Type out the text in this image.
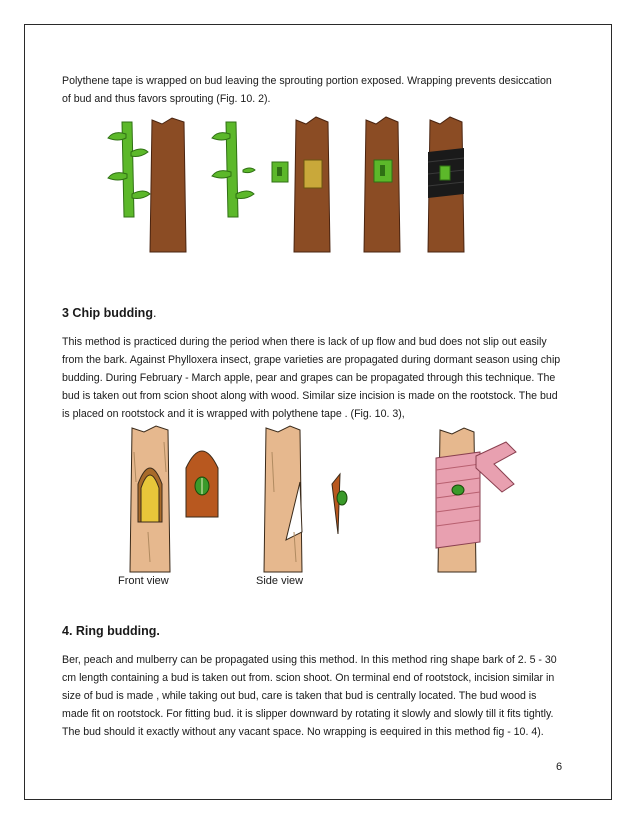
Polythene tape is wrapped on bud leaving the sprouting portion exposed. Wrapping prevents desiccation of bud and thus favors sprouting (Fig. 10. 2).

3 Chip budding.

This method is practiced during the period when there is lack of up flow and bud does not slip out easily from the bark. Against Phylloxera insect, grape varieties are propagated during dormant season using chip budding. During February - March apple, pear and grapes can be propagated through this technique. The bud is taken out from scion shoot along with wood. Similar size incision is made on the rootstock. The bud is placed on rootstock and it is wrapped with polythene tape . (Fig. 10. 3),

Front view	Side view
4. Ring budding.

Ber, peach and mulberry can be propagated using this method. In this method ring shape bark of 2. 5 - 30 cm length containing a bud is taken out from. scion shoot. On terminal end of rootstock, incision similar in size of bud is made , while taking out bud, care is taken that bud is centrally located. The bud wood is made fit on rootstock. For fitting bud. it is slipper downward by rotating it slowly and slowly till it fits tightly. The bud should it exactly without any vacant space. No wrapping is eequired in this method fig - 10. 4).

6
